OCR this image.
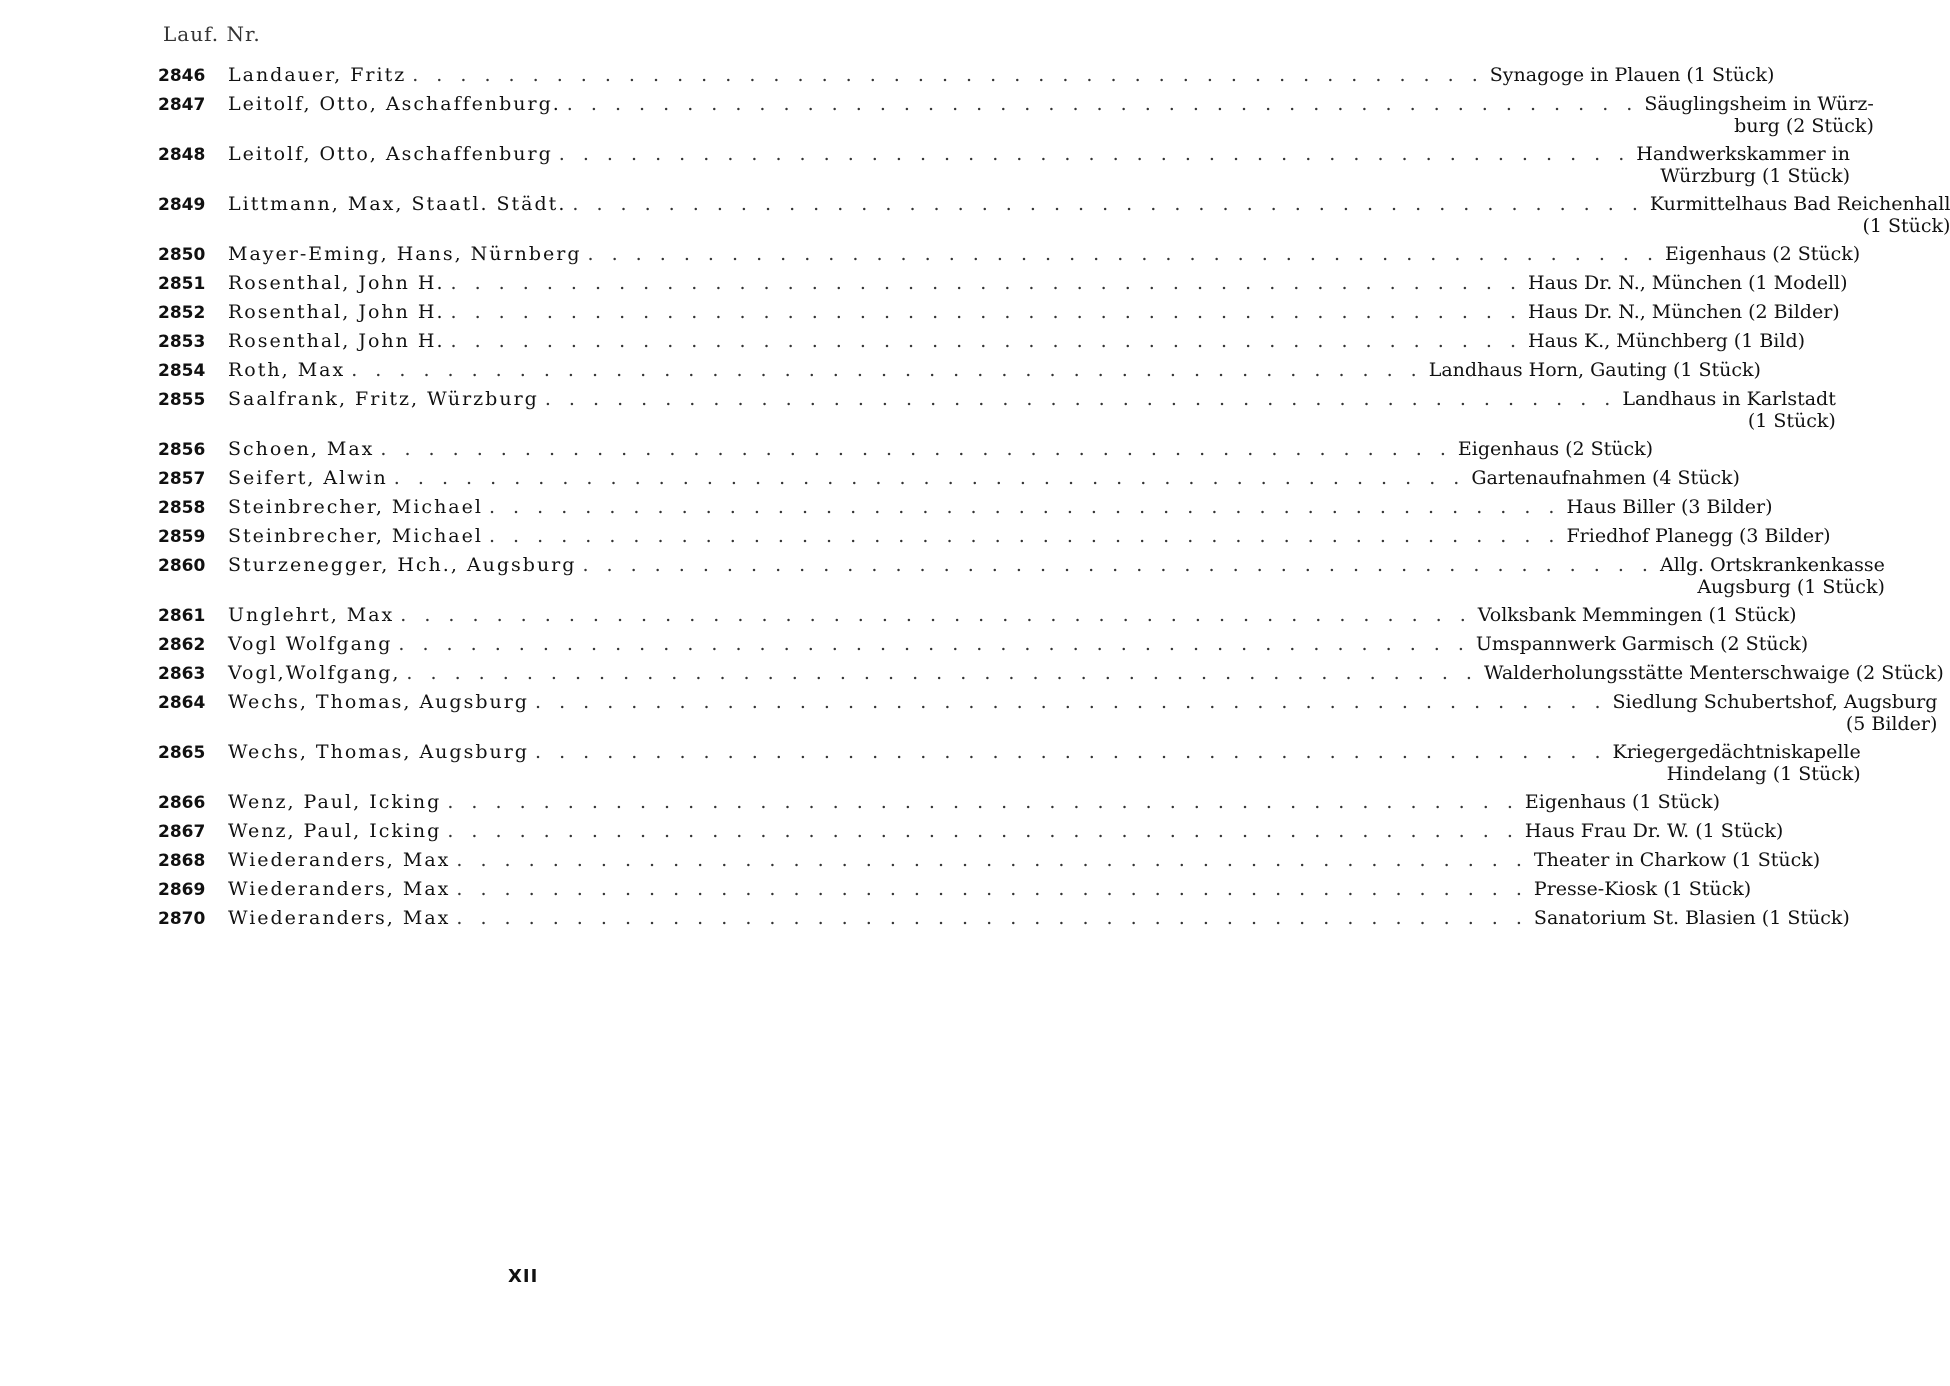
Lauf. Nr.
2846	Landauer, Fritz . . .	Synagoge in Plauen (1 Stück)
2847	Leitolf, Otto, Aschaffenburg. . . .	Säuglingsheim in Würz-
burg (2 Stück)
2848	Leitolf, Otto, Aschaffenburg . . .	Handwerkskammer in
Würzburg (1 Stück)
2849	Littmann, Max, Staatl. Städt. . . .	Kurmittelhaus Bad Reichenhall
(1 Stück)
2850	Mayer-Eming, Hans, Nürnberg . . .	Eigenhaus (2 Stück)
2851	Rosenthal, John H. . . .	Haus Dr. N., München (1 Modell)
2852	Rosenthal, John H. . . .	Haus Dr. N., München (2 Bilder)
2853	Rosenthal, John H. . . .	Haus K., Münchberg (1 Bild)
2854	Roth, Max . . .	Landhaus Horn, Gauting (1 Stück)
2855	Saalfrank, Fritz, Würzburg . . .	Landhaus in Karlstadt
(1 Stück)
2856	Schoen, Max . . .	Eigenhaus (2 Stück)
2857	Seifert, Alwin . . .	Gartenaufnahmen (4 Stück)
2858	Steinbrecher, Michael . . .	Haus Biller (3 Bilder)
2859	Steinbrecher, Michael . . .	Friedhof Planegg (3 Bilder)
2860	Sturzenegger, Hch., Augsburg . . .	Allg. Ortskrankenkasse
Augsburg (1 Stück)
2861	Unglehrt, Max . . .	Volksbank Memmingen (1 Stück)
2862	Vogl Wolfgang . . .	Umspannwerk Garmisch (2 Stück)
2863	Vogl,Wolfgang, . . .	Walderholungsstätte Menterschwaige (2 Stück)
2864	Wechs, Thomas, Augsburg . . .	Siedlung Schubertshof, Augsburg
(5 Bilder)
2865	Wechs, Thomas, Augsburg . . .	Kriegergedächtniskapelle
Hindelang (1 Stück)
2866	Wenz, Paul, Icking . . .	Eigenhaus (1 Stück)
2867	Wenz, Paul, Icking . . .	Haus Frau Dr. W. (1 Stück)
2868	Wiederanders, Max . . .	Theater in Charkow (1 Stück)
2869	Wiederanders, Max . . .	Presse-Kiosk (1 Stück)
2870	Wiederanders, Max . . .	Sanatorium St. Blasien (1 Stück)
XII
